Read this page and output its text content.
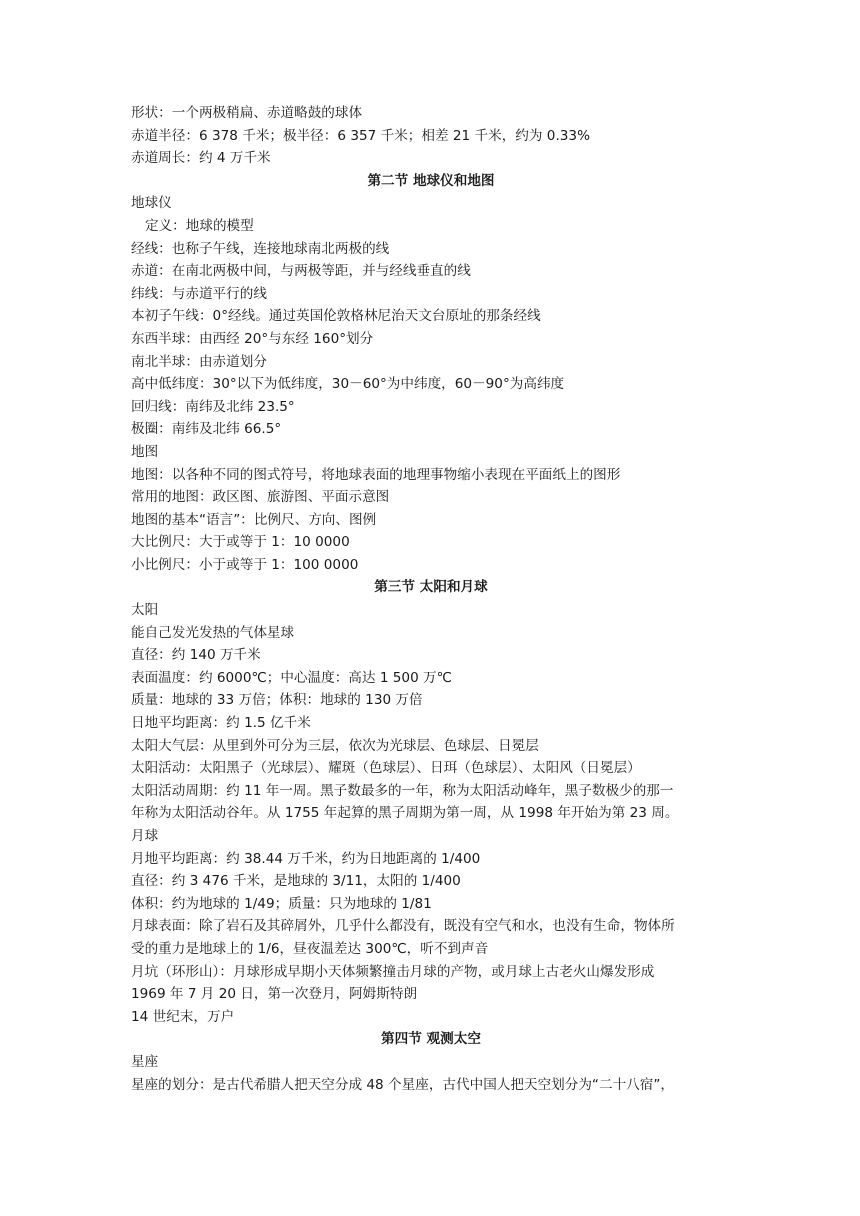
形状：一个两极稍扁、赤道略鼓的球体
赤道半径：6 378 千米；极半径：6 357 千米；相差 21 千米，约为 0.33%
赤道周长：约 4 万千米
第二节 地球仪和地图
地球仪
定义：地球的模型
经线：也称子午线，连接地球南北两极的线
赤道：在南北两极中间，与两极等距，并与经线垂直的线
纬线：与赤道平行的线
本初子午线：0°经线。通过英国伦敦格林尼治天文台原址的那条经线
东西半球：由西经 20°与东经 160°划分
南北半球：由赤道划分
高中低纬度：30°以下为低纬度，30－60°为中纬度，60－90°为高纬度
回归线：南纬及北纬 23.5°
极圈：南纬及北纬 66.5°
地图
地图：以各种不同的图式符号，将地球表面的地理事物缩小表现在平面纸上的图形
常用的地图：政区图、旅游图、平面示意图
地图的基本“语言”：比例尺、方向、图例
大比例尺：大于或等于 1：10 0000
小比例尺：小于或等于 1：100 0000
第三节 太阳和月球
太阳
能自己发光发热的气体星球
直径：约 140 万千米
表面温度：约 6000℃；中心温度：高达 1 500 万℃
质量：地球的 33 万倍；体积：地球的 130 万倍
日地平均距离：约 1.5 亿千米
太阳大气层：从里到外可分为三层，依次为光球层、色球层、日冕层
太阳活动：太阳黑子（光球层）、耀斑（色球层）、日珥（色球层）、太阳风（日冕层）
太阳活动周期：约 11 年一周。黑子数最多的一年，称为太阳活动峰年，黑子数极少的那一
年称为太阳活动谷年。从 1755 年起算的黑子周期为第一周，从 1998 年开始为第 23 周。
月球
月地平均距离：约 38.44 万千米，约为日地距离的 1/400
直径：约 3 476 千米，是地球的 3/11，太阳的 1/400
体积：约为地球的 1/49；质量：只为地球的 1/81
月球表面：除了岩石及其碎屑外，几乎什么都没有，既没有空气和水，也没有生命，物体所
受的重力是地球上的 1/6，昼夜温差达 300℃，听不到声音
月坑（环形山）：月球形成早期小天体频繁撞击月球的产物，或月球上古老火山爆发形成
1969 年 7 月 20 日，第一次登月，阿姆斯特朗
14 世纪末，万户
第四节 观测太空
星座
星座的划分：是古代希腊人把天空分成 48 个星座，古代中国人把天空划分为“二十八宿”，
